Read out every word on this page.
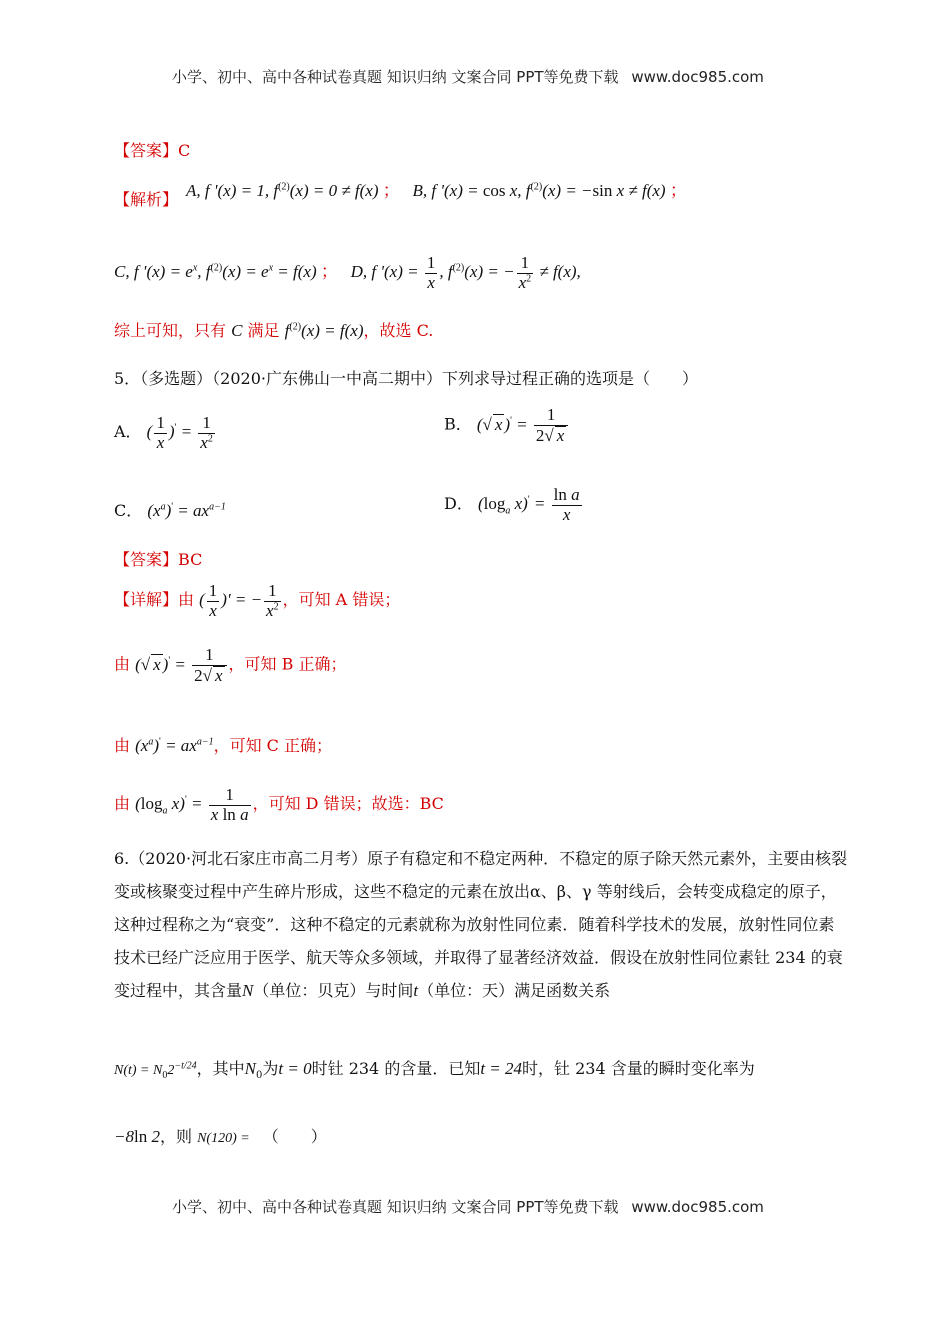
小学、初中、高中各种试卷真题 知识归纳 文案合同 PPT等免费下载 www.doc985.com
【答案】C
【解析】 A, f '(x) = 1, $f^{(2)}(x) = 0 \ne f(x)$ ；   B, f '(x) = cos x, $f^{(2)}(x) = -\sin$ x ≠ f(x) ；
C, f '$(x) = e^x$, $f^{(2)}(x) = e^x = f(x)$ ；   D, f '$(x) = \frac{1}{x}$ , $f^{(2)}(x)$ = − $\frac{1}{x^2} \ne f(x)$,
综上可知，只有 C 满足 $f^{(2)}(x) = f(x)$，故选 C.
5．（多选题）（2020·广东佛山一中高二期中）下列求导过程正确的选项是（　　）
A． ( $\frac{1}{x} )' = \frac{1}{x^2}$	B． (√ x )$' = \frac{1}{2√ x}$
C． $(x^a)' = ax^{a-1}$	D． ($\log_a$ $x)' = \frac{\text{ln a}}{x}$
【答案】BC
【详解】由 ( $\frac{1}{x}$ )' = − $\frac{1}{x^2}$ ，可知 A 错误；
由 (√ x )$' = \frac{1}{2√ x}$ ，可知 B 正确；
由 $(x^a)' = ax^{a-1}$，可知 C 正确；
由 ($\log_a$ $x)' = \frac{1}{\text{x ln a}}$ ，可知 D 错误；故选：BC
6.（2020·河北石家庄市高二月考）原子有稳定和不稳定两种．不稳定的原子除天然元素外，主要由核裂变或核聚变过程中产生碎片形成，这些不稳定的元素在放出α、β、γ 等射线后，会转变成稳定的原子，这种过程称之为“衰变”．这种不稳定的元素就称为放射性同位素．随着科学技术的发展，放射性同位素技术已经广泛应用于医学、航天等众多领域，并取得了显著经济效益．假设在放射性同位素钍 234 的衰变过程中，其含量N（单位：贝克）与时间t（单位：天）满足函数关系
$N(t) = N_02^{-t/24}$，其中$N_0$为t = 0时钍 234 的含量．已知t = 24时，钍 234 含量的瞬时变化率为
−8ln 2，则 N(120) = （　　）
小学、初中、高中各种试卷真题 知识归纳 文案合同 PPT等免费下载 www.doc985.com
